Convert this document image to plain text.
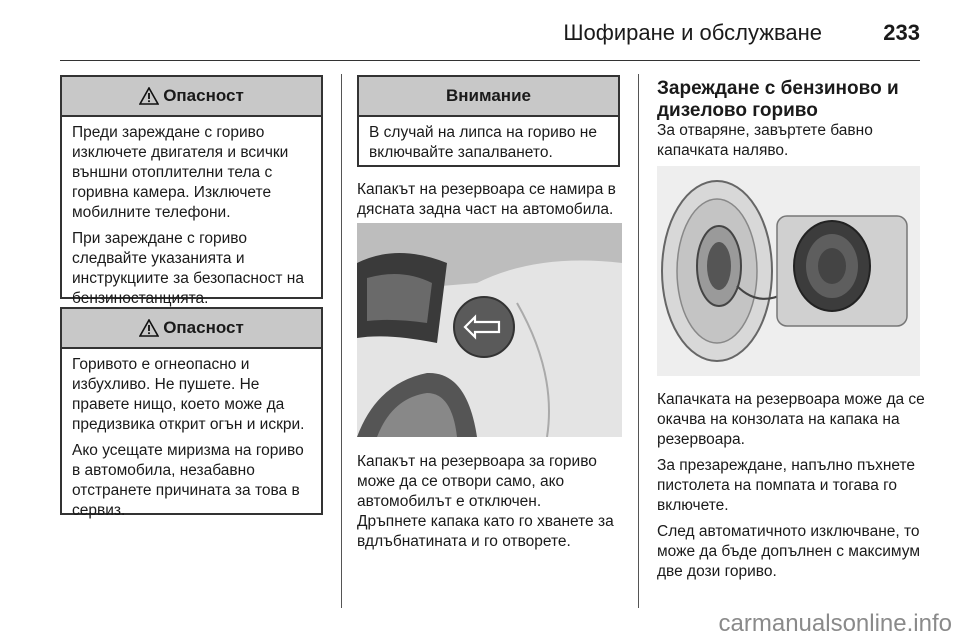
Шофиране и обслужване	233
Опасност

Преди зареждане с гориво изключете двигателя и всички външни отоплителни тела с горивна камера. Изключете мобилните телефони.

При зареждане с гориво следвайте указанията и инструкциите за безопасност на бензиностанцията.

Опасност

Горивото е огнеопасно и избухливо. Не пушете. Не правете нищо, което може да предизвика открит огън и искри.

Ако усещате миризма на гориво в автомобила, незабавно отстранете причината за това в сервиз.

Внимание

В случай на липса на гориво не включвайте запалването.

Капакът на резервоара се намира в дясната задна част на автомобила.

Капакът на резервоара за гориво може да се отвори само, ако автомобилът е отключен.

Дръпнете капака като го хванете за вдлъбнатината и го отворете.

Зареждане с бензиново и дизелово гориво

За отваряне, завъртете бавно капачката наляво.

Капачката на резервоара може да се окачва на конзолата на капака на резервоара.

За презареждане, напълно пъхнете пистолета на помпата и тогава го включете.

След автоматичното изключване, то може да бъде допълнен с максимум две дози гориво.

carmanualsonline.info
